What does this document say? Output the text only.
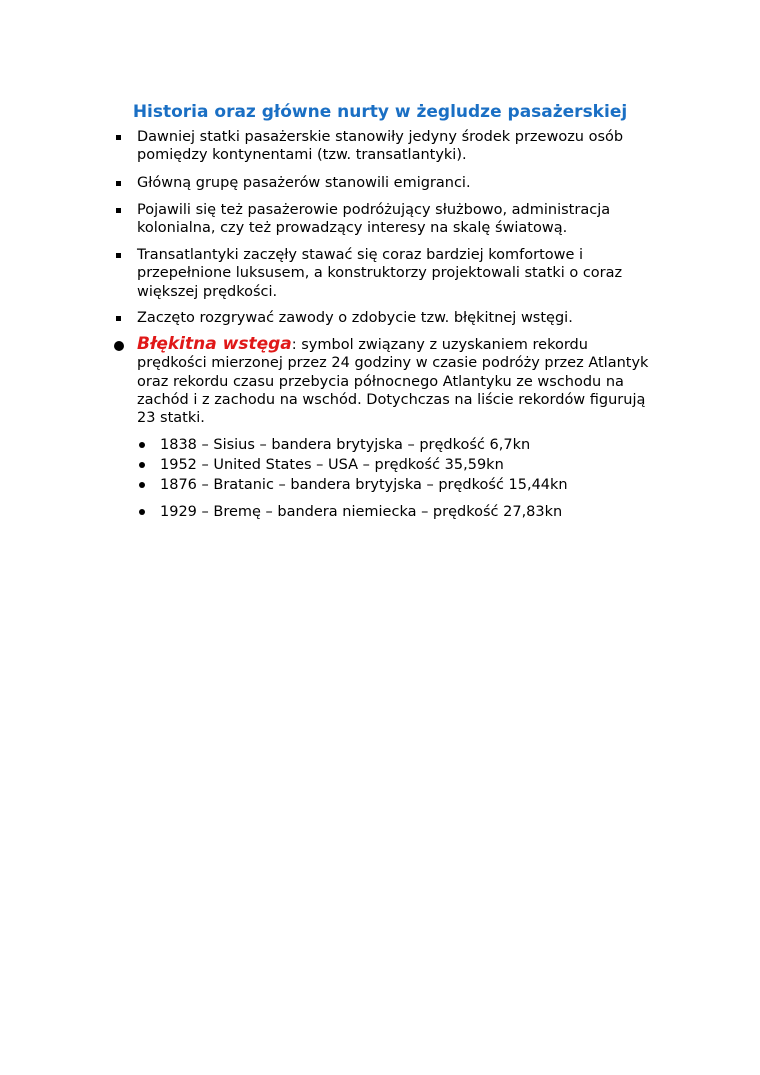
Historia oraz główne nurty w żegludze pasażerskiej
Dawniej statki pasażerskie stanowiły jedyny środek przewozu osób pomiędzy kontynentami (tzw. transatlantyki).
Główną grupę pasażerów stanowili emigranci.
Pojawili się też pasażerowie podróżujący służbowo, administracja kolonialna, czy też prowadzący interesy na skalę światową.
Transatlantyki zaczęły stawać się coraz bardziej komfortowe i przepełnione luksusem, a konstruktorzy projektowali statki o coraz większej prędkości.
Zaczęto rozgrywać zawody o zdobycie tzw. błękitnej wstęgi.
Błękitna wstęga: symbol związany z uzyskaniem rekordu prędkości mierzonej przez 24 godziny w czasie podróży przez Atlantyk oraz rekordu czasu przebycia północnego Atlantyku ze wschodu na zachód i z zachodu na wschód. Dotychczas na liście rekordów figurują 23 statki.
1838 – Sisius – bandera brytyjska – prędkość 6,7kn
1952 – United States – USA – prędkość 35,59kn
1876 – Bratanic – bandera brytyjska – prędkość 15,44kn
1929 – Bremę – bandera niemiecka – prędkość 27,83kn
